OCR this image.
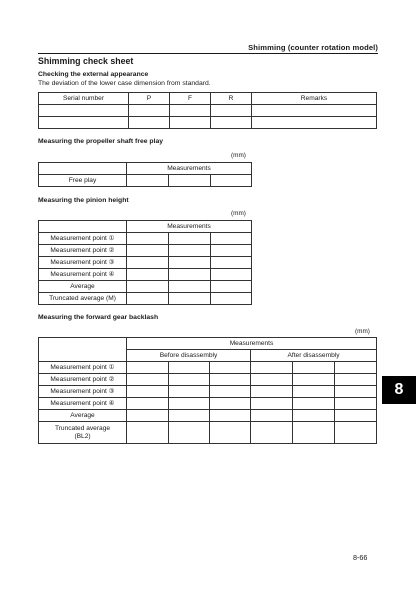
Shimming (counter rotation model)
Shimming check sheet
Checking the external appearance
The deviation of the lower case dimension from standard.
Serial number	P	F	R	Remarks

Measuring the propeller shaft free play
(mm)
	Measurements		
Free play			
Measuring the pinion height
(mm)
	Measurements		
Measurement point ①			
Measurement point ②			
Measurement point ③			
Measurement point ④			
Average			
Truncated average (M)			
Measuring the forward gear backlash
(mm)
	Measurements					
	Before disassembly			After disassembly		
Measurement point ①						
Measurement point ②						
Measurement point ③						
Measurement point ④						
Average						
Truncated average
(BL2)						
8
8-66
